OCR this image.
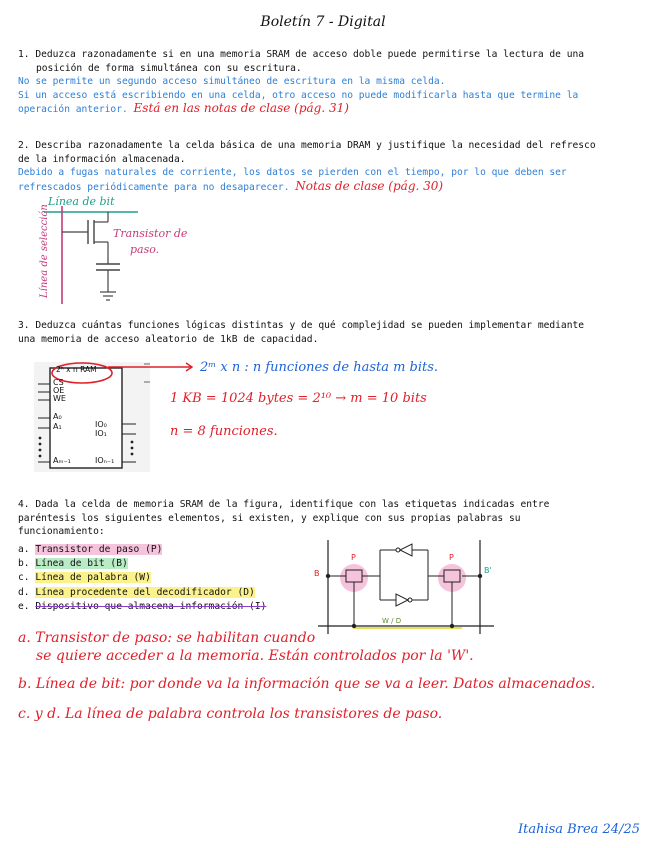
Boletín 7 - Digital
1. Deduzca razonadamente si en una memoria SRAM de acceso doble puede permitirse la lectura de una
posición de forma simultánea con su escritura.
No se permite un segundo acceso simultáneo de escritura en la misma celda.
Si un acceso está escribiendo en una celda, otro acceso no puede modificarla hasta que termine la
operación anterior. Está en las notas de clase (pág. 31)
2. Describa razonadamente la celda básica de una memoria DRAM y justifique la necesidad del refresco
de la información almacenada.
Debido a fugas naturales de corriente, los datos se pierden con el tiempo, por lo que deben ser
refrescados periódicamente para no desaparecer. Notas de clase (pág. 30)
Línea de bit
Línea de selección	Transistor de
paso.
3. Deduzca cuántas funciones lógicas distintas y de qué complejidad se pueden implementar mediante
una memoria de acceso aleatorio de 1kB de capacidad.
2ⁿ x n RAM
CS
OE
WE
A₀
A₁
Aₘ₋₁
IO₀
IO₁
IOₙ₋₁
2ᵐ x n : n funciones de hasta m bits.
1 KB = 1024 bytes = 2¹⁰ → m = 10 bits
n = 8 funciones.
4. Dada la celda de memoria SRAM de la figura, identifique con las etiquetas indicadas entre
paréntesis los siguientes elementos, si existen, y explique con sus propias palabras su
funcionamiento:
a. Transistor de paso (P)
b. Línea de bit (B)
c. Línea de palabra (W)
d. Línea procedente del decodificador (D)
e. Dispositivo que almacena información (I)
P	P
B	B'
W / D
a. Transistor de paso: se habilitan cuando
se quiere acceder a la memoria. Están controlados por la 'W'.
b. Línea de bit: por donde va la información que se va a leer. Datos almacenados.
c. y d. La línea de palabra controla los transistores de paso.
Itahisa Brea 24/25
